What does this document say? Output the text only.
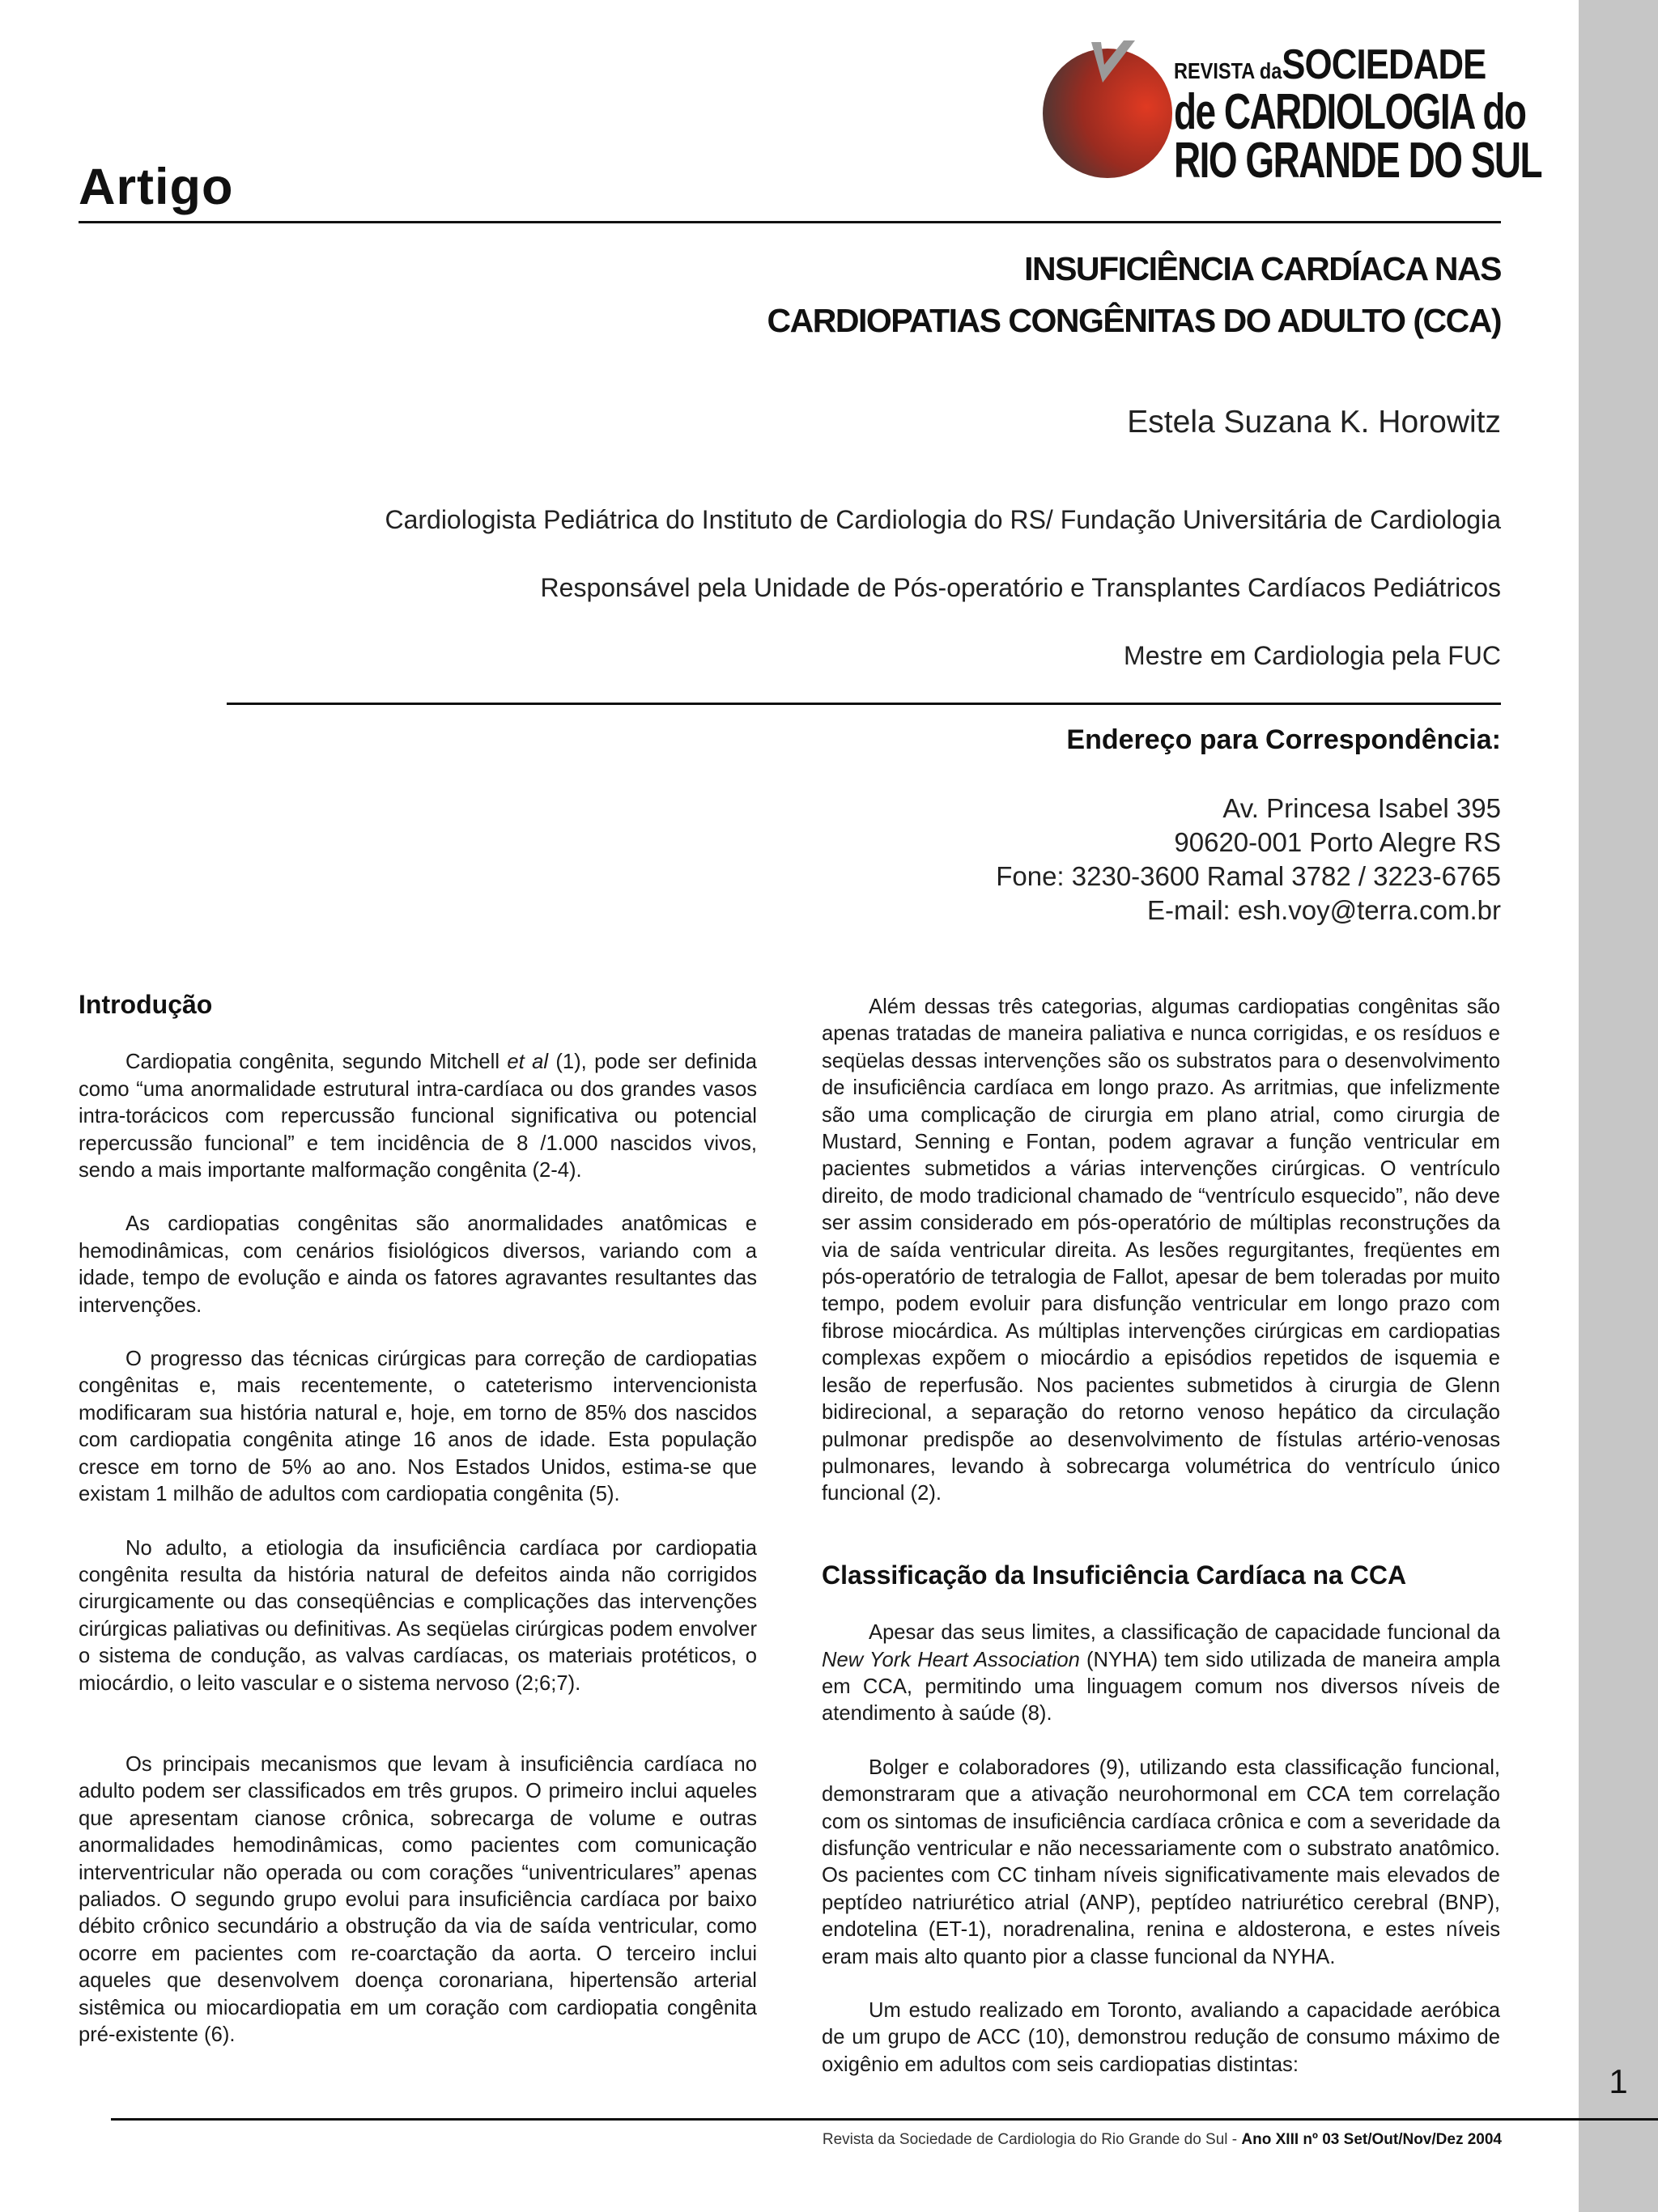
1
REVISTA daSOCIEDADE
de CARDIOLOGIA do
RIO GRANDE DO SUL
Artigo
INSUFICIÊNCIA CARDÍACA NAS
CARDIOPATIAS CONGÊNITAS DO ADULTO (CCA)
Estela Suzana K. Horowitz
Cardiologista Pediátrica do Instituto de Cardiologia do RS/ Fundação Universitária de Cardiologia
Responsável pela Unidade de Pós-operatório e Transplantes Cardíacos Pediátricos
Mestre em Cardiologia pela FUC
Endereço para Correspondência:
Av. Princesa Isabel 395
90620-001 Porto Alegre RS
Fone: 3230-3600 Ramal 3782 / 3223-6765
E-mail: esh.voy@terra.com.br
Introdução

Cardiopatia congênita, segundo Mitchell et al (1), pode ser definida como “uma anormalidade estrutural intra-cardíaca ou dos grandes vasos intra-torácicos com repercussão funcional significativa ou potencial repercussão funcional” e tem incidência de 8 /1.000 nascidos vivos, sendo a mais importante malformação congênita (2-4).

As cardiopatias congênitas são anormalidades anatômicas e hemodinâmicas, com cenários fisiológicos diversos, variando com a idade, tempo de evolução e ainda os fatores agravantes resultantes das intervenções.

O progresso das técnicas cirúrgicas para correção de cardiopatias congênitas e, mais recentemente, o cateterismo intervencionista modificaram sua história natural e, hoje, em torno de 85% dos nascidos com cardiopatia congênita atinge 16 anos de idade. Esta população cresce em torno de 5% ao ano. Nos Estados Unidos, estima-se que existam 1 milhão de adultos com cardiopatia congênita (5).

No adulto, a etiologia da insuficiência cardíaca por cardiopatia congênita resulta da história natural de defeitos ainda não corrigidos cirurgicamente ou das conseqüências e complicações das intervenções cirúrgicas paliativas ou definitivas. As seqüelas cirúrgicas podem envolver o sistema de condução, as valvas cardíacas, os materiais protéticos, o miocárdio, o leito vascular e o sistema nervoso (2;6;7).

Os principais mecanismos que levam à insuficiência cardíaca no adulto podem ser classificados em três grupos. O primeiro inclui aqueles que apresentam cianose crônica, sobrecarga de volume e outras anormalidades hemodinâmicas, como pacientes com comunicação interventricular não operada ou com corações “univentriculares” apenas paliados. O segundo grupo evolui para insuficiência cardíaca por baixo débito crônico secundário a obstrução da via de saída ventricular, como ocorre em pacientes com re-coarctação da aorta. O terceiro inclui aqueles que desenvolvem doença coronariana, hipertensão arterial sistêmica ou miocardiopatia em um coração com cardiopatia congênita pré-existente (6).

Além dessas três categorias, algumas cardiopatias congênitas são apenas tratadas de maneira paliativa e nunca corrigidas, e os resíduos e seqüelas dessas intervenções são os substratos para o desenvolvimento de insuficiência cardíaca em longo prazo. As arritmias, que infelizmente são uma complicação de cirurgia em plano atrial, como cirurgia de Mustard, Senning e Fontan, podem agravar a função ventricular em pacientes submetidos a várias intervenções cirúrgicas. O ventrículo direito, de modo tradicional chamado de “ventrículo esquecido”, não deve ser assim considerado em pós-operatório de múltiplas reconstruções da via de saída ventricular direita. As lesões regurgitantes, freqüentes em pós-operatório de tetralogia de Fallot, apesar de bem toleradas por muito tempo, podem evoluir para disfunção ventricular em longo prazo com fibrose miocárdica. As múltiplas intervenções cirúrgicas em cardiopatias complexas expõem o miocárdio a episódios repetidos de isquemia e lesão de reperfusão. Nos pacientes submetidos à cirurgia de Glenn bidirecional, a separação do retorno venoso hepático da circulação pulmonar predispõe ao desenvolvimento de fístulas artério-venosas pulmonares, levando à sobrecarga volumétrica do ventrículo único funcional (2).

Classificação da Insuficiência Cardíaca na CCA

Apesar das seus limites, a classificação de capacidade funcional da New York Heart Association (NYHA) tem sido utilizada de maneira ampla em CCA, permitindo uma linguagem comum nos diversos níveis de atendimento à saúde (8).

Bolger e colaboradores (9), utilizando esta classificação funcional, demonstraram que a ativação neurohormonal em CCA tem correlação com os sintomas de insuficiência cardíaca crônica e com a severidade da disfunção ventricular e não necessariamente com o substrato anatômico. Os pacientes com CC tinham níveis significativamente mais elevados de peptídeo natriurético atrial (ANP), peptídeo natriurético cerebral (BNP), endotelina (ET-1), noradrenalina, renina e aldosterona, e estes níveis eram mais alto quanto pior a classe funcional da NYHA.

Um estudo realizado em Toronto, avaliando a capacidade aeróbica de um grupo de ACC (10), demonstrou redução de consumo máximo de oxigênio em adultos com seis cardiopatias distintas:

Revista da Sociedade de Cardiologia do Rio Grande do Sul - Ano XIII nº 03 Set/Out/Nov/Dez 2004
